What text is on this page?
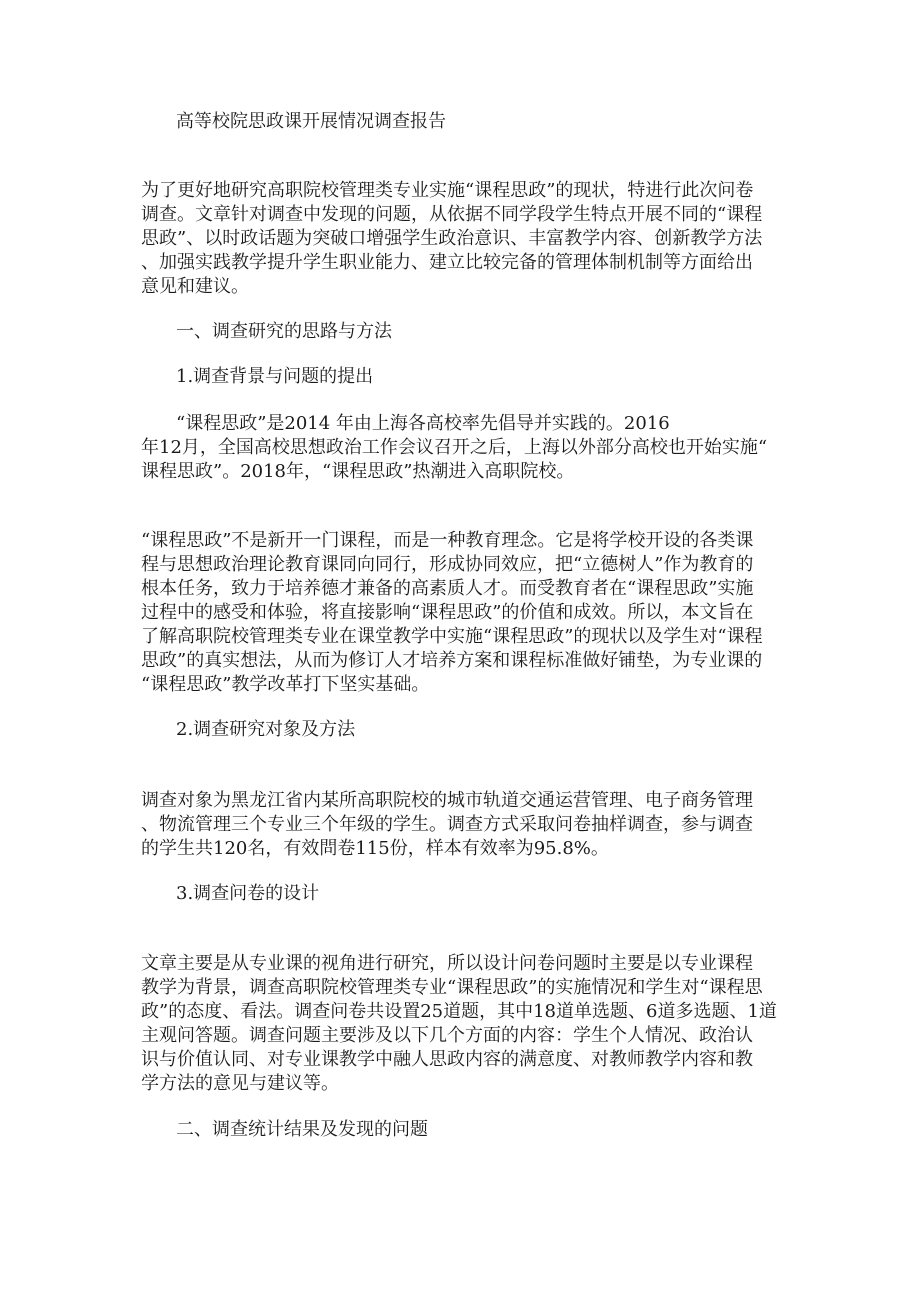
高等校院思政课开展情况调查报告
为了更好地研究高职院校管理类专业实施“课程思政”的现状，特进行此次问卷
调查。文章针对调查中发现的问题，从依据不同学段学生特点开展不同的“课程
思政”、以时政话题为突破口增强学生政治意识、丰富教学内容、创新教学方法
、加强实践教学提升学生职业能力、建立比较完备的管理体制机制等方面给出
意见和建议。
一、调查研究的思路与方法
1.调查背景与问题的提出
“课程思政”是2014 年由上海各高校率先倡导并实践的。2016
年12月，全国高校思想政治工作会议召开之后，上海以外部分高校也开始实施“
课程思政”。2018年，“课程思政”热潮进入高职院校。
“课程思政”不是新开一门课程，而是一种教育理念。它是将学校开设的各类课
程与思想政治理论教育课同向同行，形成协同效应，把“立德树人”作为教育的
根本任务，致力于培养德才兼备的高素质人才。而受教育者在“课程思政”实施
过程中的感受和体验，将直接影响“课程思政”的价值和成效。所以，本文旨在
了解高职院校管理类专业在课堂教学中实施“课程思政”的现状以及学生对“课程
思政”的真实想法，从而为修订人才培养方案和课程标准做好铺垫，为专业课的
“课程思政”教学改革打下坚实基础。
2.调查研究对象及方法
调查对象为黑龙江省内某所高职院校的城市轨道交通运营管理、电子商务管理
、物流管理三个专业三个年级的学生。调查方式采取问卷抽样调查，参与调查
的学生共120名，有效問卷115份，样本有效率为95.8%。
3.调查问卷的设计
文章主要是从专业课的视角进行研究，所以设计问卷问题时主要是以专业课程
教学为背景，调查高职院校管理类专业“课程思政”的实施情况和学生对“课程思
政”的态度、看法。调查问卷共设置25道题，其中18道单选题、6道多选题、1道
主观问答题。调查问题主要涉及以下几个方面的内容：学生个人情况、政治认
识与价值认同、对专业课教学中融人思政内容的满意度、对教师教学内容和教
学方法的意见与建议等。
二、调查统计结果及发现的问题
